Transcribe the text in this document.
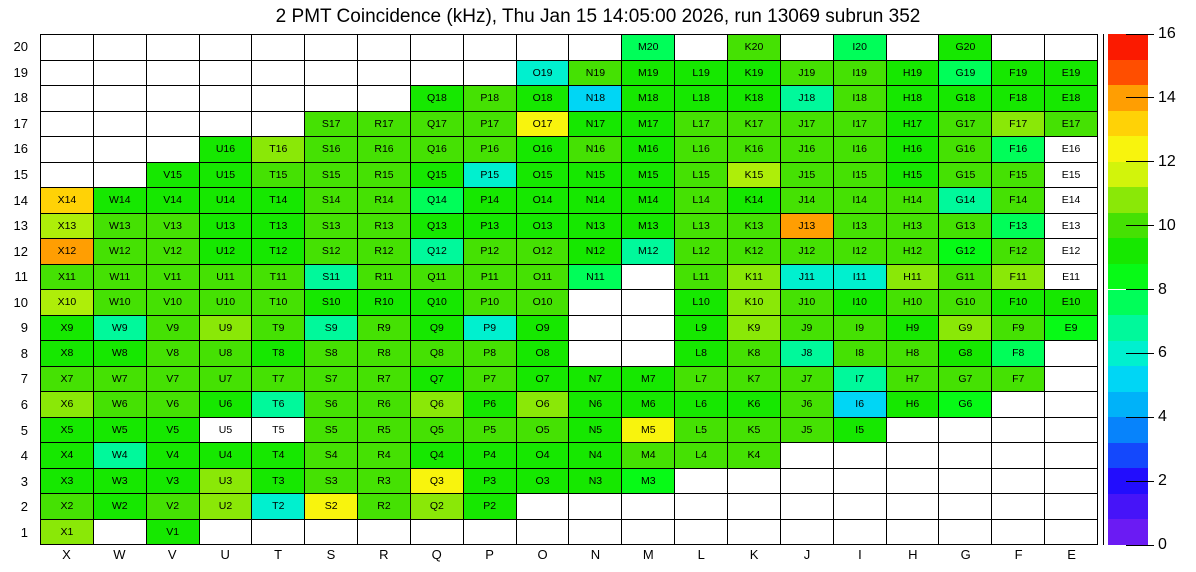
2 PMT Coincidence (kHz), Thu Jan 15 14:05:00 2026, run 13069 subrun 352
20
19
18
17
16
15
14
13
12
11
10
9
8
7
6
5
4
3
2
1
M20	K20	I20	G20
O19	N19	M19	L19	K19	J19	I19	H19	G19	F19	E19
Q18	P18	O18	N18	M18	L18	K18	J18	I18	H18	G18	F18	E18
S17	R17	Q17	P17	O17	N17	M17	L17	K17	J17	I17	H17	G17	F17	E17
U16	T16	S16	R16	Q16	P16	O16	N16	M16	L16	K16	J16	I16	H16	G16	F16	E16
V15	U15	T15	S15	R15	Q15	P15	O15	N15	M15	L15	K15	J15	I15	H15	G15	F15	E15
X14	W14	V14	U14	T14	S14	R14	Q14	P14	O14	N14	M14	L14	K14	J14	I14	H14	G14	F14	E14
X13	W13	V13	U13	T13	S13	R13	Q13	P13	O13	N13	M13	L13	K13	J13	I13	H13	G13	F13	E13
X12	W12	V12	U12	T12	S12	R12	Q12	P12	O12	N12	M12	L12	K12	J12	I12	H12	G12	F12	E12
X11	W11	V11	U11	T11	S11	R11	Q11	P11	O11	N11	L11	K11	J11	I11	H11	G11	F11	E11
X10	W10	V10	U10	T10	S10	R10	Q10	P10	O10	L10	K10	J10	I10	H10	G10	F10	E10
X9	W9	V9	U9	T9	S9	R9	Q9	P9	O9	L9	K9	J9	I9	H9	G9	F9	E9
X8	W8	V8	U8	T8	S8	R8	Q8	P8	O8	L8	K8	J8	I8	H8	G8	F8
X7	W7	V7	U7	T7	S7	R7	Q7	P7	O7	N7	M7	L7	K7	J7	I7	H7	G7	F7
X6	W6	V6	U6	T6	S6	R6	Q6	P6	O6	N6	M6	L6	K6	J6	I6	H6	G6
X5	W5	V5	U5	T5	S5	R5	Q5	P5	O5	N5	M5	L5	K5	J5	I5
X4	W4	V4	U4	T4	S4	R4	Q4	P4	O4	N4	M4	L4	K4
X3	W3	V3	U3	T3	S3	R3	Q3	P3	O3	N3	M3
X2	W2	V2	U2	T2	S2	R2	Q2	P2
X1	V1
X	W	V	U	T	S	R	Q	P	O	N	M	L	K	J	I	H	G	F	E
0
2
4
6
8
10
12
14
16
